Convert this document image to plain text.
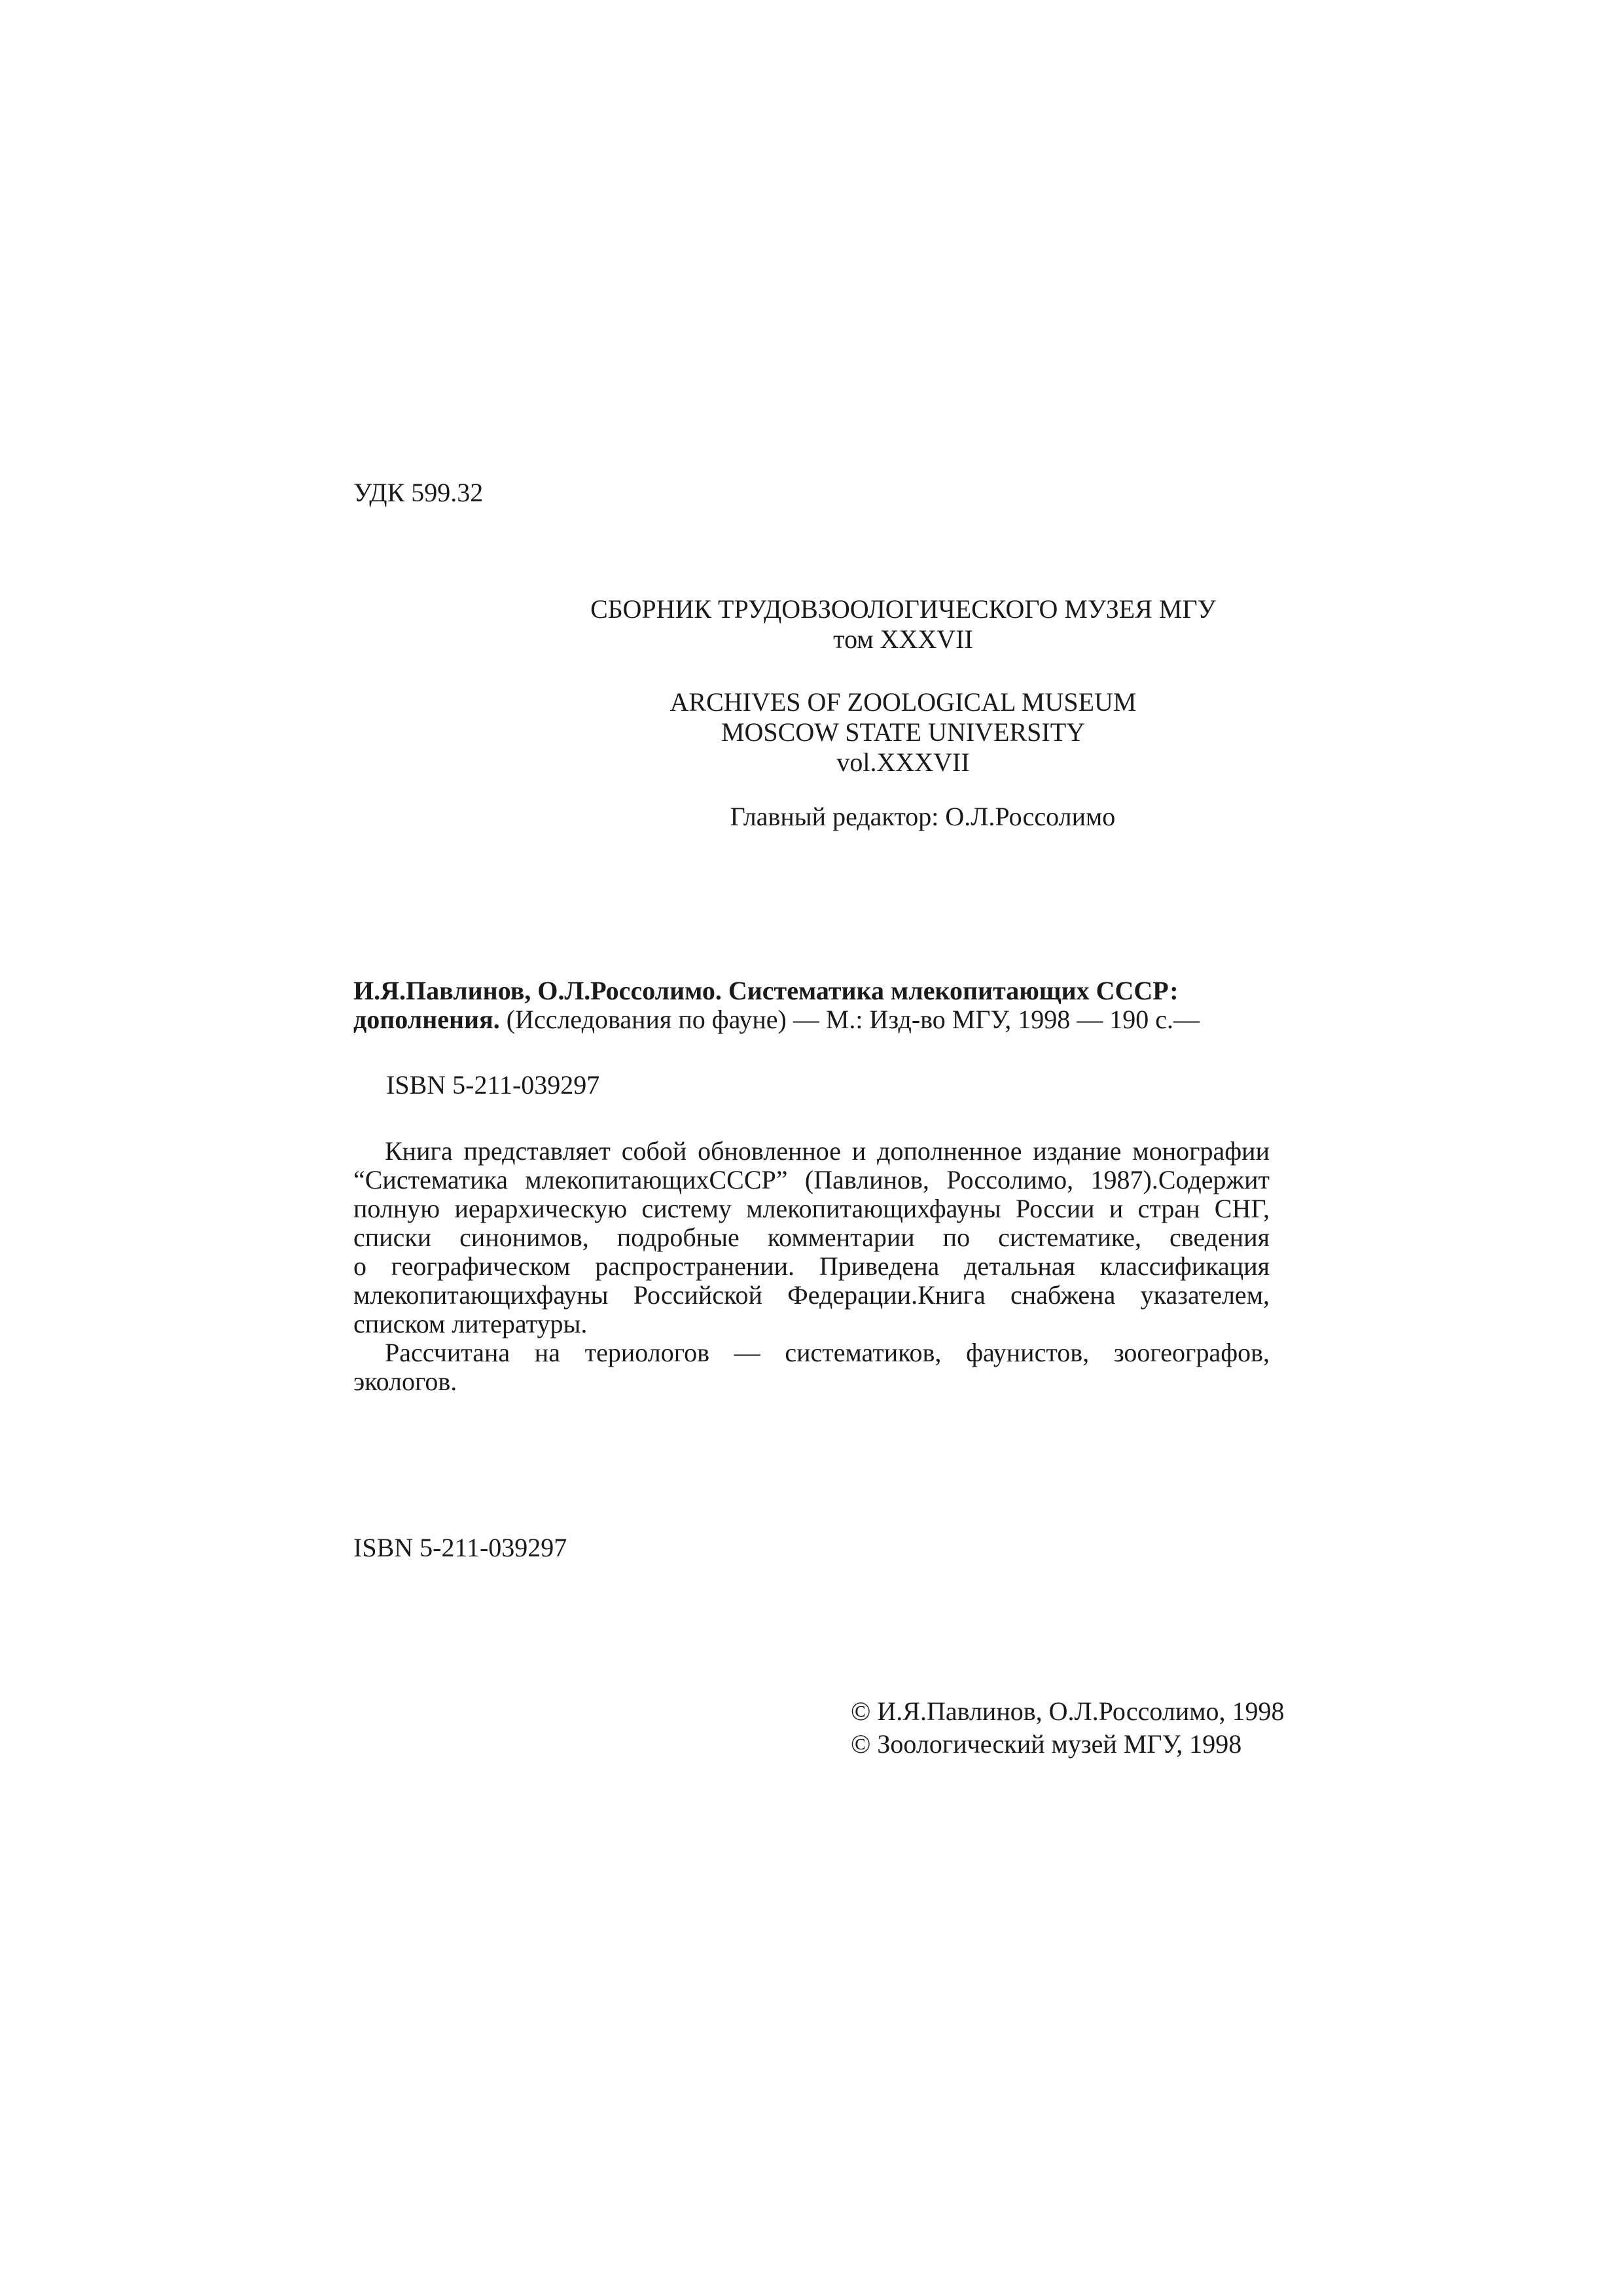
УДК 599.32
СБОРНИК ТРУДОВЗООЛОГИЧЕСКОГО МУЗЕЯ МГУ
том XXXVII
ARCHIVES OF ZOOLOGICAL MUSEUM
MOSCOW STATE UNIVERSITY
vol.XXXVII
Главный редактор: О.Л.Россолимо
И.Я.Павлинов, О.Л.Россолимо. Систематика млекопитающих СССР:
дополнения. (Исследования по фауне) — М.: Изд-во МГУ, 1998 — 190 с.—
ISBN 5-211-039297
Книга представляет собой обновленное и дополненное издание монографии
“Систематика млекопитающихСССР” (Павлинов, Россолимо, 1987).Содержит
полную иерархическую систему млекопитающихфауны России и стран СНГ,
списки синонимов, подробные комментарии по систематике, сведения
о географическом распространении. Приведена детальная классификация
млекопитающихфауны Российской Федерации.Книга снабжена указателем,
списком литературы.
Рассчитана на териологов — систематиков, фаунистов, зоогеографов,
экологов.
ISBN 5-211-039297
© И.Я.Павлинов, О.Л.Россолимо, 1998
© Зоологический музей МГУ, 1998
